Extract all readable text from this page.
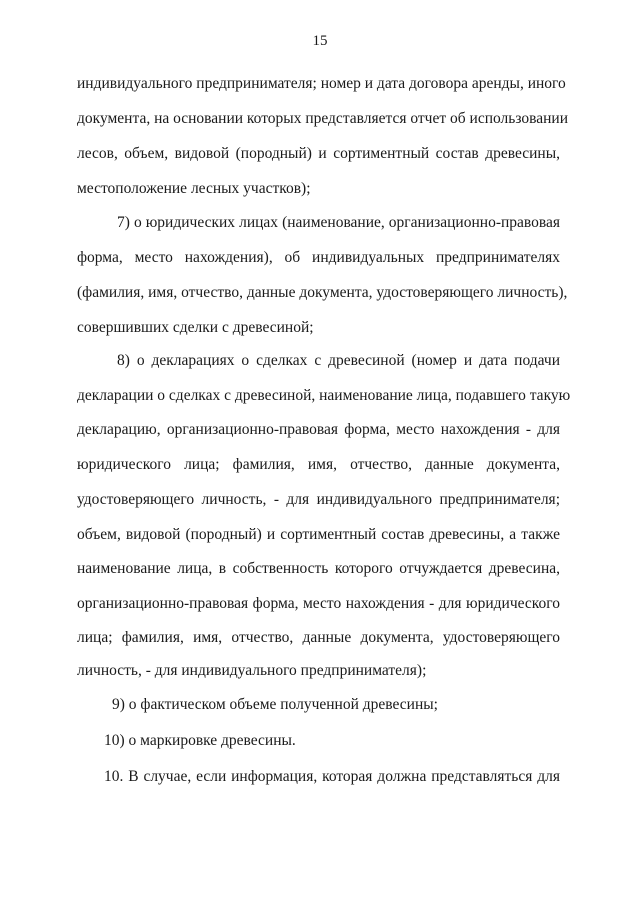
15
индивидуального предпринимателя; номер и дата договора аренды, иного
документа, на основании которых представляется отчет об использовании
лесов, объем, видовой (породный) и сортиментный состав древесины,
местоположение лесных участков);
7) о юридических лицах (наименование, организационно-правовая
форма, место нахождения), об индивидуальных предпринимателях
(фамилия, имя, отчество, данные документа, удостоверяющего личность),
совершивших сделки с древесиной;
8) о декларациях о сделках с древесиной (номер и дата подачи
декларации о сделках с древесиной, наименование лица, подавшего такую
декларацию, организационно-правовая форма, место нахождения - для
юридического лица; фамилия, имя, отчество, данные документа,
удостоверяющего личность, - для индивидуального предпринимателя;
объем, видовой (породный) и сортиментный состав древесины, а также
наименование лица, в собственность которого отчуждается древесина,
организационно-правовая форма, место нахождения - для юридического
лица; фамилия, имя, отчество, данные документа, удостоверяющего
личность, - для индивидуального предпринимателя);
9) о фактическом объеме полученной древесины;
10) о маркировке древесины.
10. В случае, если информация, которая должна представляться для
